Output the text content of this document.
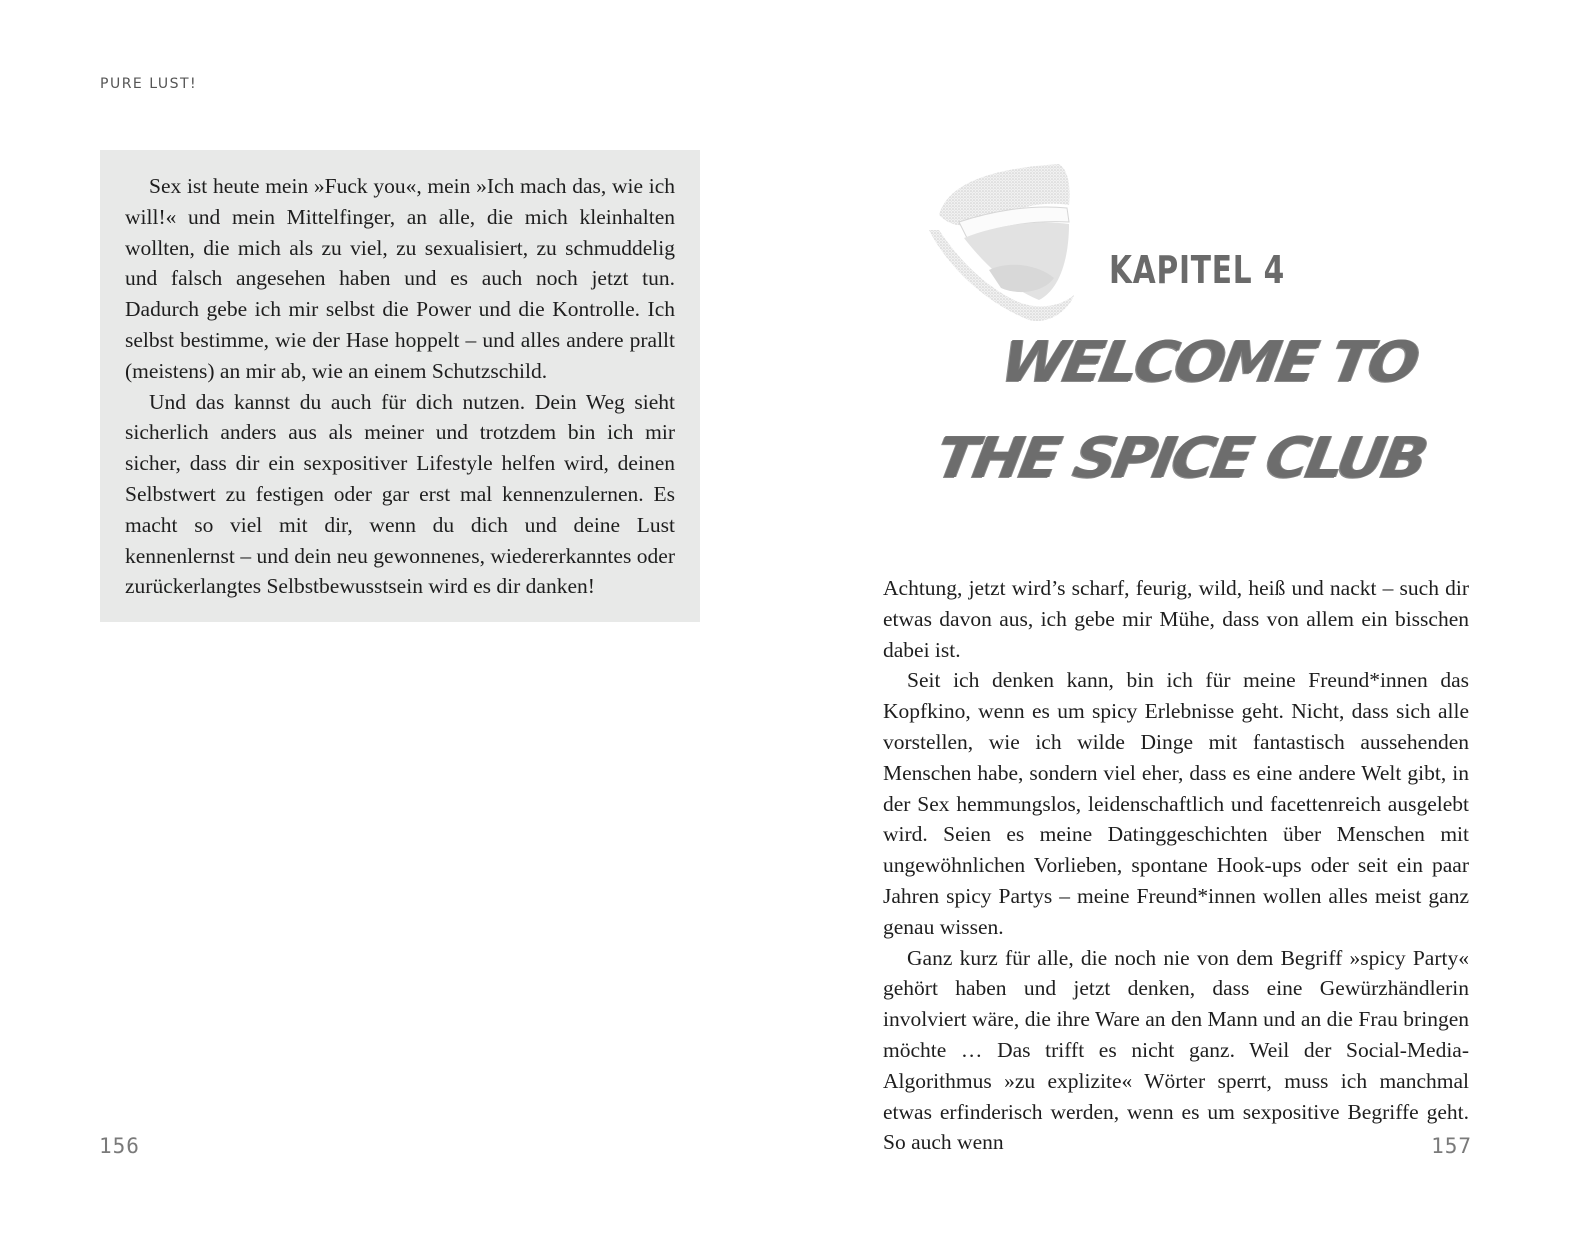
PURE LUST!

Sex ist heute mein »Fuck you«, mein »Ich mach das, wie ich will!« und mein Mittelfinger, an alle, die mich kleinhalten wollten, die mich als zu viel, zu sexualisiert, zu schmuddelig und falsch angesehen haben und es auch noch jetzt tun. Dadurch gebe ich mir selbst die Power und die Kontrolle. Ich selbst bestimme, wie der Hase hoppelt – und alles andere prallt (meistens) an mir ab, wie an einem Schutzschild.

Und das kannst du auch für dich nutzen. Dein Weg sieht sicherlich anders aus als meiner und trotzdem bin ich mir sicher, dass dir ein sexpositiver Lifestyle helfen wird, deinen Selbstwert zu festigen oder gar erst mal kennenzulernen. Es macht so viel mit dir, wenn du dich und deine Lust kennenlernst – und dein neu gewonnenes, wiedererkanntes oder zurückerlangtes Selbstbewusstsein wird es dir danken!

156
KAPITEL 4
WELCOME TO
THE SPICE CLUB

Achtung, jetzt wird’s scharf, feurig, wild, heiß und nackt – such dir etwas davon aus, ich gebe mir Mühe, dass von allem ein bisschen dabei ist.

Seit ich denken kann, bin ich für meine Freund*innen das Kopfkino, wenn es um spicy Erlebnisse geht. Nicht, dass sich alle vorstellen, wie ich wilde Dinge mit fantastisch aussehenden Menschen habe, sondern viel eher, dass es eine andere Welt gibt, in der Sex hemmungslos, leidenschaftlich und facettenreich ausgelebt wird. Seien es meine Datinggeschichten über Menschen mit ungewöhnlichen Vorlieben, spontane Hook-ups oder seit ein paar Jahren spicy Partys – meine Freund*innen wollen alles meist ganz genau wissen.

Ganz kurz für alle, die noch nie von dem Begriff »spicy Party« gehört haben und jetzt denken, dass eine Gewürzhändlerin involviert wäre, die ihre Ware an den Mann und an die Frau bringen möchte … Das trifft es nicht ganz. Weil der Social-Media-Algorithmus »zu explizite« Wörter sperrt, muss ich manchmal etwas erfinderisch werden, wenn es um sexpositive Begriffe geht. So auch wenn	157
